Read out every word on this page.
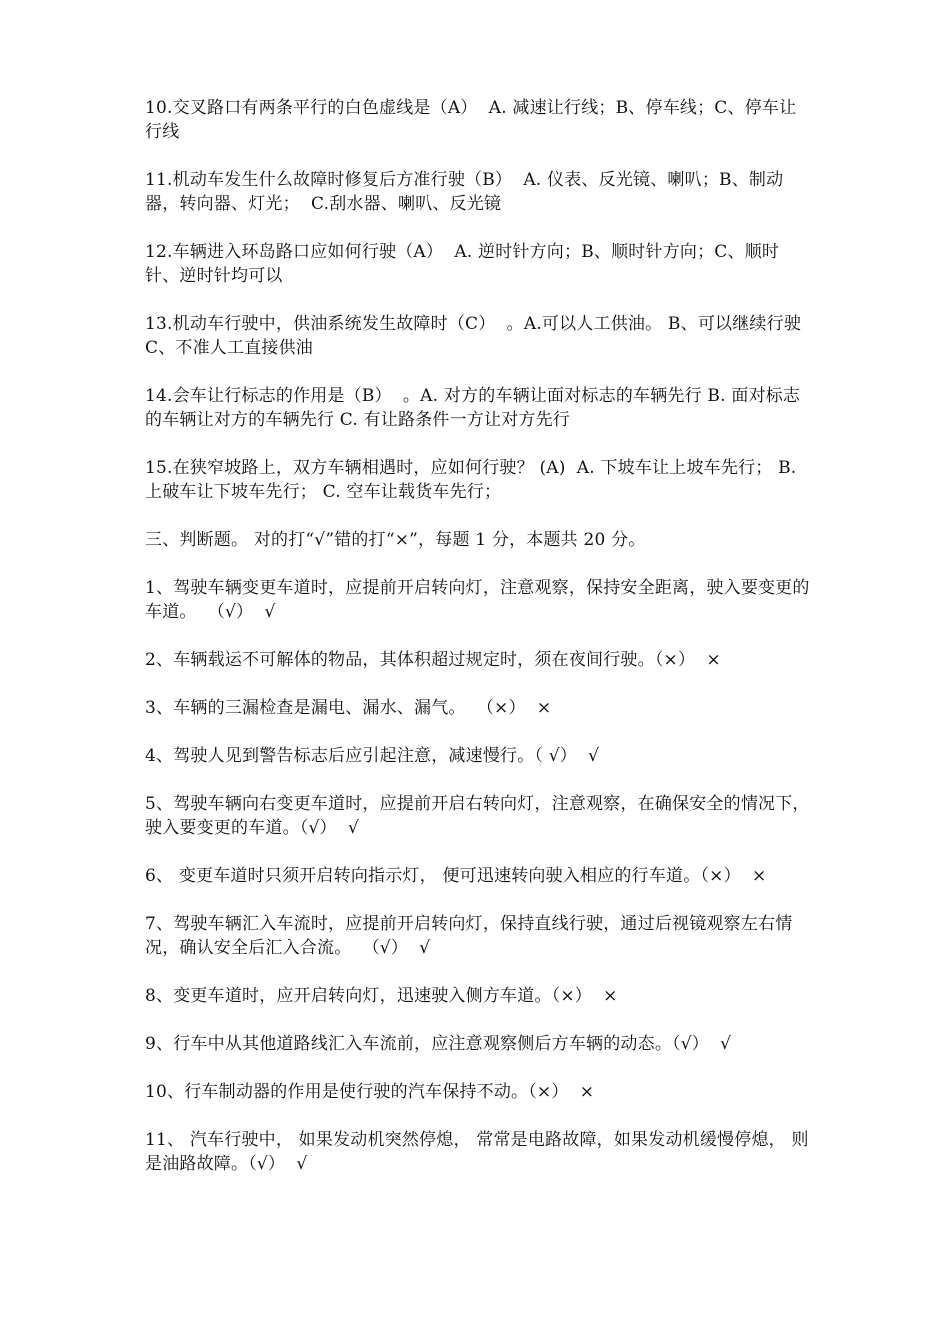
10.交叉路口有两条平行的白色虚线是（A）  A. 减速让行线；B、停车线；C、停车让行线

11.机动车发生什么故障时修复后方准行驶（B）  A. 仪表、反光镜、喇叭；B、制动器，转向器、灯光；  C.刮水器、喇叭、反光镜

12.车辆进入环岛路口应如何行驶（A）  A. 逆时针方向；B、顺时针方向；C、顺时针、逆时针均可以

13.机动车行驶中，供油系统发生故障时（C）  。A.可以人工供油。 B、可以继续行驶 C、不准人工直接供油

14.会车让行标志的作用是（B）  。A. 对方的车辆让面对标志的车辆先行 B. 面对标志的车辆让对方的车辆先行 C. 有让路条件一方让对方先行

15.在狭窄坡路上，双方车辆相遇时，应如何行驶？ (A)  A. 下坡车让上坡车先行； B. 上破车让下坡车先行； C. 空车让载货车先行；

三、判断题。 对的打“√”错的打“×”，每题 1 分，本题共 20 分。

1、驾驶车辆变更车道时，应提前开启转向灯，注意观察，保持安全距离，驶入要变更的车道。  （√）  √

2、车辆载运不可解体的物品，其体积超过规定时，须在夜间行驶。（×）  ×

3、车辆的三漏检查是漏电、漏水、漏气。  （×）  ×

4、驾驶人见到警告标志后应引起注意，减速慢行。（ √）  √

5、驾驶车辆向右变更车道时，应提前开启右转向灯，注意观察，在确保安全的情况下，驶入要变更的车道。（√）  √

6、 变更车道时只须开启转向指示灯， 便可迅速转向驶入相应的行车道。（×）  ×

7、驾驶车辆汇入车流时，应提前开启转向灯，保持直线行驶，通过后视镜观察左右情况，确认安全后汇入合流。  （√）  √

8、变更车道时，应开启转向灯，迅速驶入侧方车道。（×）  ×

9、行车中从其他道路线汇入车流前，应注意观察侧后方车辆的动态。（√）  √

10、行车制动器的作用是使行驶的汽车保持不动。（×）  ×

11、 汽车行驶中， 如果发动机突然停熄， 常常是电路故障，如果发动机缓慢停熄， 则是油路故障。（√）  √
